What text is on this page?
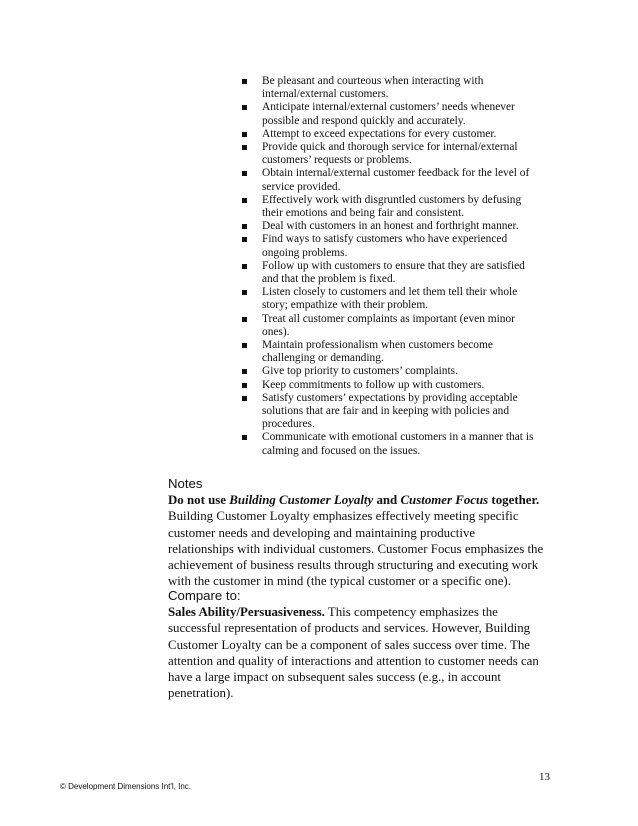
Be pleasant and courteous when interacting with internal/external customers.
Anticipate internal/external customers’ needs whenever possible and respond quickly and accurately.
Attempt to exceed expectations for every customer.
Provide quick and thorough service for internal/external customers’ requests or problems.
Obtain internal/external customer feedback for the level of service provided.
Effectively work with disgruntled customers by defusing their emotions and being fair and consistent.
Deal with customers in an honest and forthright manner.
Find ways to satisfy customers who have experienced ongoing problems.
Follow up with customers to ensure that they are satisfied and that the problem is fixed.
Listen closely to customers and let them tell their whole story; empathize with their problem.
Treat all customer complaints as important (even minor ones).
Maintain professionalism when customers become challenging or demanding.
Give top priority to customers’ complaints.
Keep commitments to follow up with customers.
Satisfy customers’ expectations by providing acceptable solutions that are fair and in keeping with policies and procedures.
Communicate with emotional customers in a manner that is calming and focused on the issues.

Notes

Do not use Building Customer Loyalty and Customer Focus together.
Building Customer Loyalty emphasizes effectively meeting specific customer needs and developing and maintaining productive relationships with individual customers. Customer Focus emphasizes the achievement of business results through structuring and executing work with the customer in mind (the typical customer or a specific one).

Compare to:

Sales Ability/Persuasiveness. This competency emphasizes the successful representation of products and services. However, Building Customer Loyalty can be a component of sales success over time. The attention and quality of interactions and attention to customer needs can have a large impact on subsequent sales success (e.g., in account penetration).

© Development Dimensions Int'l, Inc.
13
